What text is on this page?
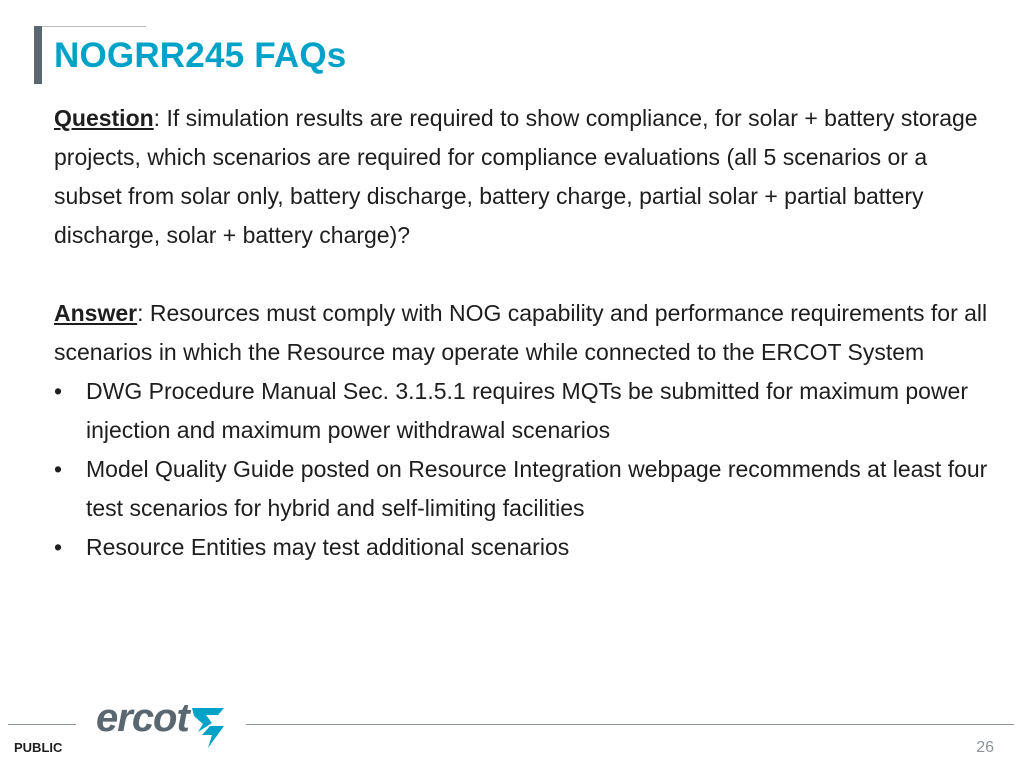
NOGRR245 FAQs

Question: If simulation results are required to show compliance, for solar + battery storage projects, which scenarios are required for compliance evaluations (all 5 scenarios or a subset from solar only, battery discharge, battery charge, partial solar + partial battery discharge, solar + battery charge)?

Answer: Resources must comply with NOG capability and performance requirements for all scenarios in which the Resource may operate while connected to the ERCOT System

• DWG Procedure Manual Sec. 3.1.5.1 requires MQTs be submitted for maximum power injection and maximum power withdrawal scenarios
• Model Quality Guide posted on Resource Integration webpage recommends at least four test scenarios for hybrid and self-limiting facilities
• Resource Entities may test additional scenarios
PUBLIC
ercot
26
